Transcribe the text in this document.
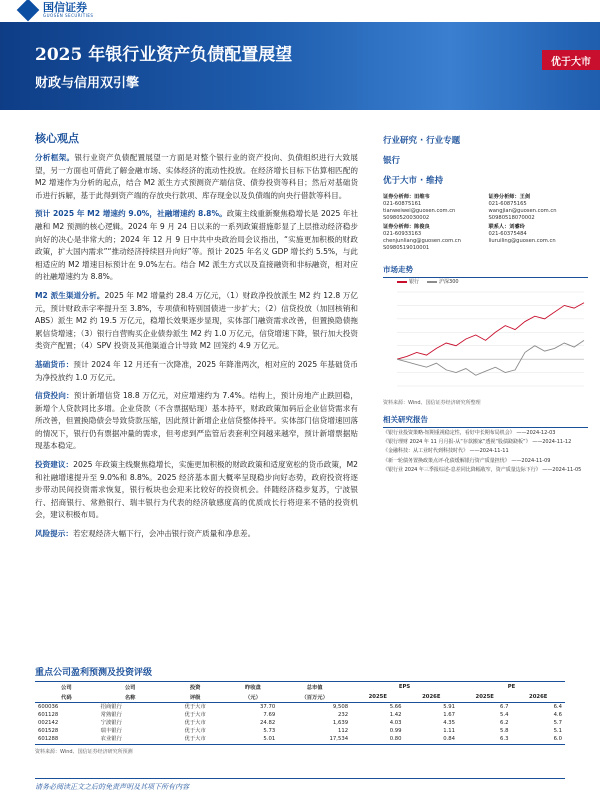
国信证券
GUOSEN SECURITIES
2025 年银行业资产负债配置展望
财政与信用双引擎
优于大市
核心观点
分析框架。银行业资产负债配置展望一方面是对整个银行业的资产投向、负债组织进行大致展望，另一方面也可借此了解金融市场、实体经济的流动性投放。在经济增长目标下估算相匹配的 M2 增速作为分析的起点，结合 M2 派生方式预测资产端信贷、债券投资等科目；然后对基础货币进行拆解，基于此得到资产端的存放央行款项、库存现金以及负债端的向央行借款等科目。
预计 2025 年 M2 增速约 9.0%，社融增速约 8.8%。政策主线重新聚焦稳增长是 2025 年社融和 M2 预测的核心逻辑。2024 年 9 月 24 日以来的一系列政策措施彰显了上层推动经济稳步向好的决心是非常大的；2024 年 12 月 9 日中共中央政治局会议指出，“实施更加积极的财政政策，扩大国内需求”“推动经济持续回升向好”等。预计 2025 年名义 GDP 增长约 5.5%，与此相适应的 M2 增速目标预计在 9.0%左右。结合 M2 派生方式以及直接融资和非标融资，相对应的社融增速约为 8.8%。
M2 派生渠道分析。2025 年 M2 增量约 28.4 万亿元，（1）财政净投放派生 M2 约 12.8 万亿元，预计财政赤字率提升至 3.8%，专项债和特别国债进一步扩大；（2）信贷投放（加回核销和 ABS）派生 M2 约 19.5 万亿元，稳增长效果逐步显现，实体部门融资需求改善，但置换隐债拖累信贷增速；（3）银行自营购买企业债券派生 M2 约 1.0 万亿元，信贷增速下降，银行加大投资类资产配置；（4）SPV 投资及其他渠道合计导致 M2 回笼约 4.9 万亿元。
基础货币：预计 2024 年 12 月还有一次降准，2025 年降准两次，相对应的 2025 年基础货币为净投放约 1.0 万亿元。
信贷投向：预计新增信贷 18.8 万亿元，对应增速约为 7.4%。结构上，预计房地产止跌回稳，新增个人贷款同比多增。企业贷款（不含票据贴现）基本持平，财政政策加码后企业信贷需求有所改善，但置换隐债会导致贷款压缩，因此预计新增企业信贷整体持平。实体部门信贷增速回落的情况下，银行仍有票据冲量的需求，但考虑到严监管后表套利空间越来越窄，预计新增票据贴现基本稳定。
投资建议：2025 年政策主线聚焦稳增长，实施更加积极的财政政策和适度宽松的货币政策，M2 和社融增速提升至 9.0%和 8.8%。2025 经济基本面大概率呈现稳步向好态势，政府投资将逐步带动民间投资需求恢复，银行板块也会迎来比较好的投资机会。伴随经济稳步复苏，宁波银行、招商银行、常熟银行、瑞丰银行为代表的经济敏感度高的优质成长行将迎来不错的投资机会，建议积极布局。
风险提示：若宏观经济大幅下行，会冲击银行资产质量和净息差。
行业研究 · 行业专题
银行
优于大市 · 维持
证券分析师：田维韦
021-60875161
tianweiwei@guosen.com.cn
S0980520030002
证券分析师：王剑
021-60875165
wangjian@guosen.com.cn
S0980518070002
证券分析师：陈俊良
021-60933163
chenjunliang@guosen.com.cn
S0980519010001
联系人：刘睿玲
021-60375484
liuruiling@guosen.com.cn
市场走势
银行	沪深300
资料来源：Wind、国信证券经济研究所整理
相关研究报告
《银行业投资策略-短期重视稳定性，看好中长期布局机会》 ——2024-12-03
《银行理财 2024 年 11 月月报-从“存款搬家”透视“股债跷跷板”》 ——2024-11-12
《金融科技：从工业时代到科技时代》 ——2024-11-11
《新一轮债务置换政策点评-化债缓解银行资产质量担忧》 ——2024-11-09
《银行业 2024 年三季报综述-息差同比降幅收窄，资产质量边际下行》 ——2024-11-05
重点公司盈利预测及投资评级
公司	公司	投资	昨收盘	总市值	EPS		PE	
代码	名称	评级	（元）	（百万元）	2025E	2026E	2025E	2026E
600036	招商银行	优于大市	37.70	9,508	5.66	5.91	6.7	6.4
601128	常熟银行	优于大市	7.69	232	1.42	1.67	5.4	4.6
002142	宁波银行	优于大市	24.82	1,639	4.03	4.35	6.2	5.7
601528	瑞丰银行	优于大市	5.73	112	0.99	1.11	5.8	5.1
601288	农业银行	优于大市	5.01	17,534	0.80	0.84	6.3	6.0
资料来源：Wind、国信证券经济研究所预测
请务必阅读正文之后的免责声明及其项下所有内容
